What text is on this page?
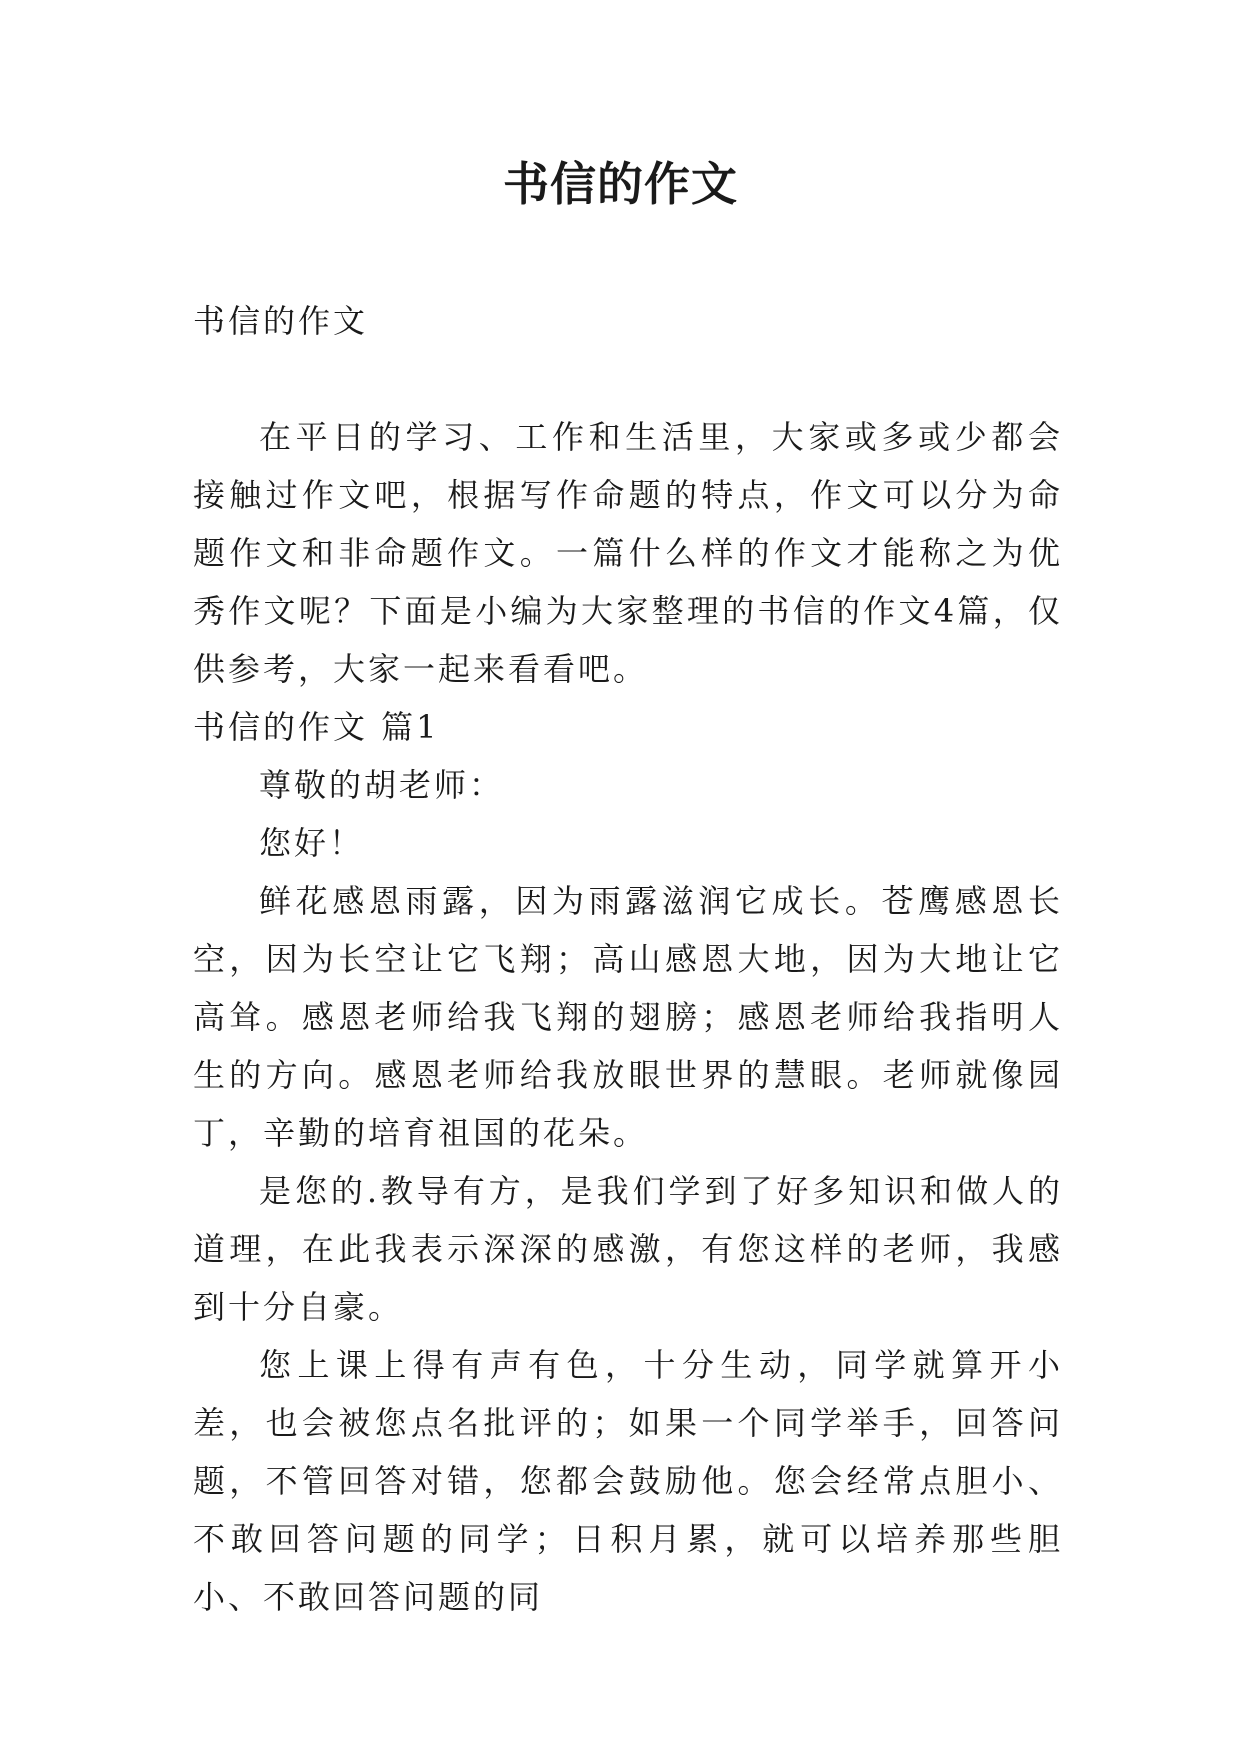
书信的作文

书信的作文

在平日的学习、工作和生活里，大家或多或少都会接触过作文吧，根据写作命题的特点，作文可以分为命题作文和非命题作文。一篇什么样的作文才能称之为优秀作文呢？下面是小编为大家整理的书信的作文4篇，仅供参考，大家一起来看看吧。

书信的作文 篇1

尊敬的胡老师：

您好！

鲜花感恩雨露，因为雨露滋润它成长。苍鹰感恩长空，因为长空让它飞翔；高山感恩大地，因为大地让它高耸。感恩老师给我飞翔的翅膀；感恩老师给我指明人生的方向。感恩老师给我放眼世界的慧眼。老师就像园丁，辛勤的培育祖国的花朵。

是您的.教导有方，是我们学到了好多知识和做人的道理，在此我表示深深的感激，有您这样的老师，我感到十分自豪。

您上课上得有声有色，十分生动，同学就算开小差，也会被您点名批评的；如果一个同学举手，回答问题，不管回答对错，您都会鼓励他。您会经常点胆小、不敢回答问题的同学；日积月累，就可以培养那些胆小、不敢回答问题的同
